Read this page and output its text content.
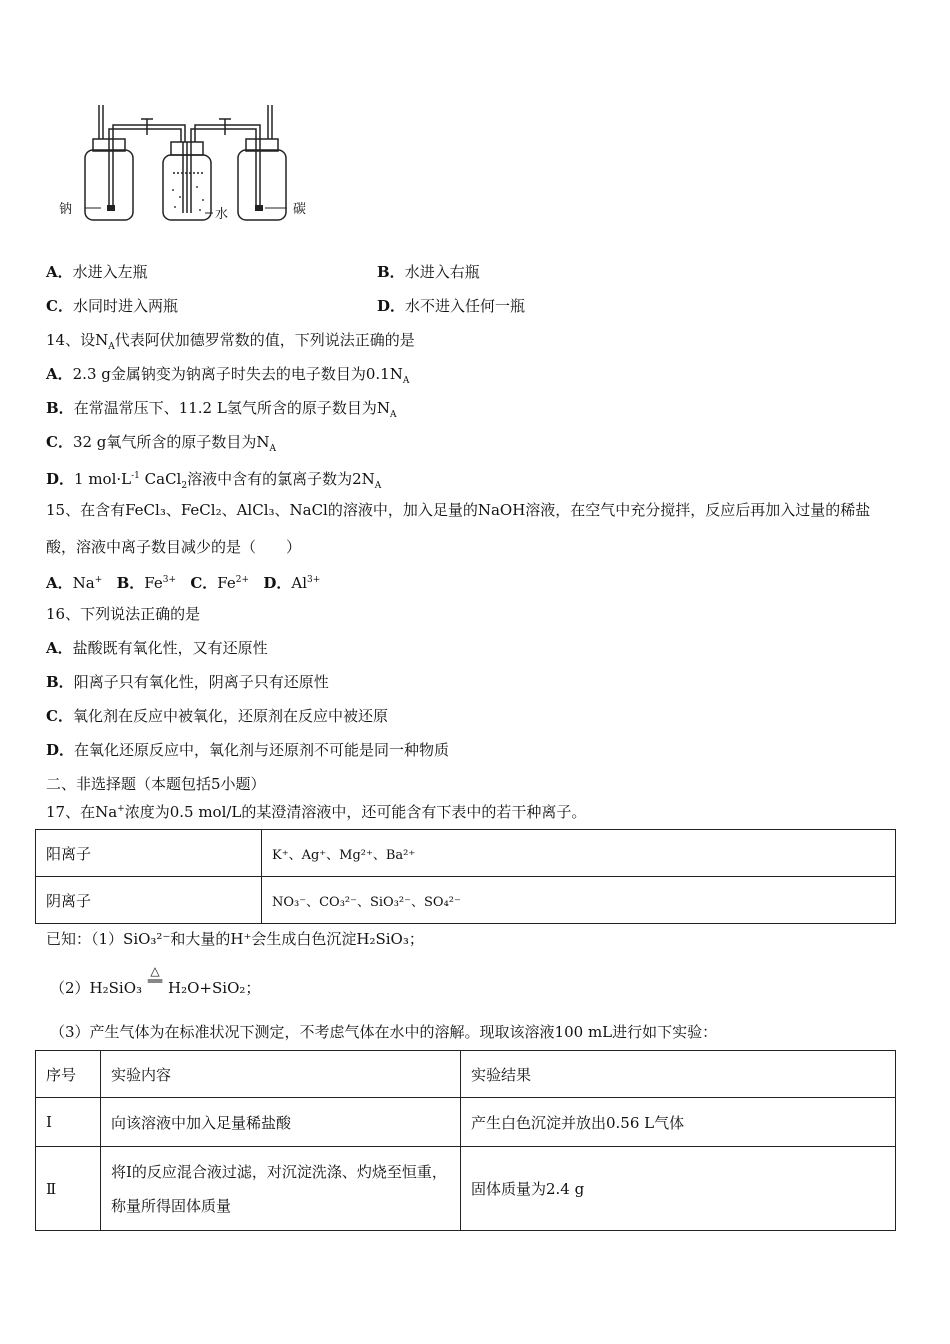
钠	水	碳
A．水进入左瓶	B．水进入右瓶
C．水同时进入两瓶	D．水不进入任何一瓶
14、设$N_A$代表阿伏加德罗常数的值，下列说法正确的是
A．2.3 g金属钠变为钠离子时失去的电子数目为$0.1N_A$
B．在常温常压下、11.2 L氢气所含的原子数目为$N_A$
C．32 g氧气所含的原子数目为$N_A$
D．1 $mol\cdot L^{-1}$ CaCl$_2$溶液中含有的氯离子数为$2N_A$
15、在含有FeCl₃、FeCl₂、AlCl₃、NaCl的溶液中，加入足量的NaOH溶液，在空气中充分搅拌，反应后再加入过量的稀盐
酸，溶液中离子数目减少的是（　　）
A．Na+ B．$Fe^{3+}$ C．$Fe^{2+}$ D．$Al^{3+}$
16、下列说法正确的是
A．盐酸既有氧化性，又有还原性
B．阳离子只有氧化性，阴离子只有还原性
C．氧化剂在反应中被氧化，还原剂在反应中被还原
D．在氧化还原反应中，氧化剂与还原剂不可能是同一种物质
二、非选择题（本题包括5小题）
17、在Na+浓度为0.5 mol/L的某澄清溶液中，还可能含有下表中的若干种离子。
阳离子	K⁺、Ag⁺、Mg²⁺、Ba²⁺
阴离子	NO₃⁻、CO₃²⁻、SiO₃²⁻、SO₄²⁻
已知：（1）SiO₃²⁻和大量的H⁺会生成白色沉淀H₂SiO₃；
（2）H₂SiO₃△
══ H₂O+SiO₂；
（3）产生气体为在标准状况下测定，不考虑气体在水中的溶解。现取该溶液100 mL进行如下实验：
序号	实验内容	实验结果
Ⅰ	向该溶液中加入足量稀盐酸	产生白色沉淀并放出0.56 L气体
Ⅱ	将Ⅰ的反应混合液过滤，对沉淀洗涤、灼烧至恒重，称量所得固体质量	固体质量为2.4 g
